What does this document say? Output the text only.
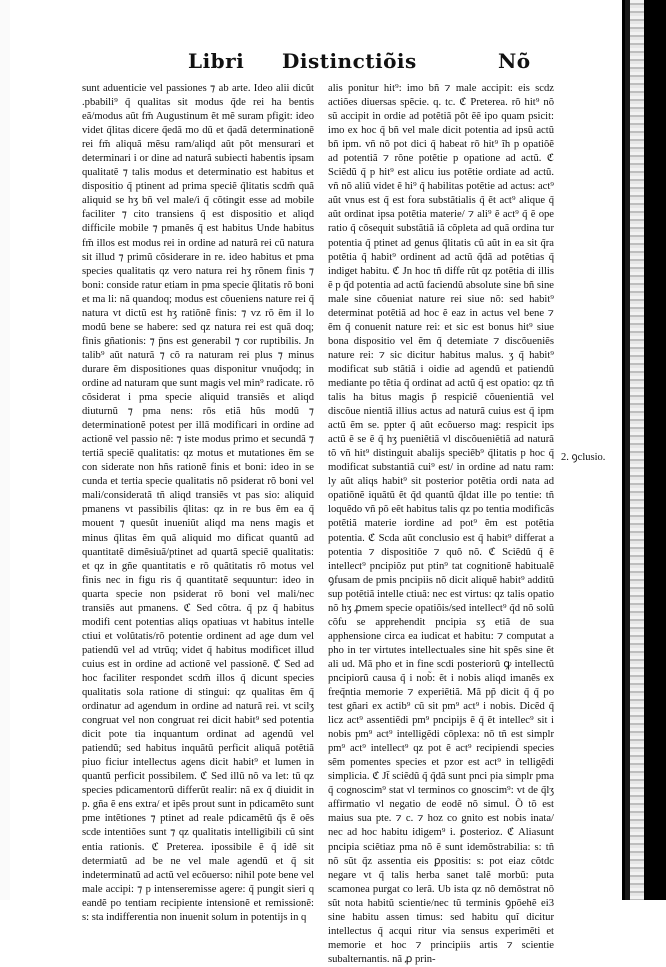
Libri Distinctiõis	Nõ

sunt aduenticie vel passiones ⁊ ab arte. Ideo alii dicũt .pbabili⁹ q̃ qualitas sit modus q̃de rei ha bentis eã/modus aũt fm̃ Augustinum ẽt mẽ suram pfigit: ideo videt q̃litas dicere q̃edã mo dũ et q̃adã determinationẽ rei fm̃ aliquã mẽsu ram/aliqd aũt põt mensurari et determinari i or dine ad naturã subiecti habentis ipsam qualitatẽ ⁊ talis modus et determinatio est habitus et dispositio q̃ ptinent ad prima speciẽ q̃litatis scdm̃ quã aliquid se hʒ bñ vel male/i q̃ cõtingit esse ad mobile faciliter ⁊ cito transiens q̃ est dispositio et aliqd difficile mobile ⁊ pmanẽs q̃ est habitus Unde habitus fm̃ illos est modus rei in ordine ad naturã rei cũ natura sit illud ⁊ primũ cõsiderare in re. ideo habitus et pma species qualitatis qz vero natura rei hʒ rõnem finis ⁊ boni: conside ratur etiam in pma specie q̃litatis rõ boni et ma li: nã quandoq; modus est cõueniens nature rei q̃ natura vt dictũ est hʒ ratiõnẽ finis: ⁊ vz rõ ẽm il lo modũ bene se habere: sed qz natura rei est quã doq; finis gñationis: ⁊ p̃ns est generabil ⁊ cor ruptibilis. Jn talib⁹ aũt naturã ⁊ cõ ra naturam rei plus ⁊ minus durare ẽm dispositiones quas disponitur vnuq̃odq; in ordine ad naturam que sunt magis vel min⁹ radicate. rõ cõsiderat i pma specie aliquid transiẽs et aliqd diuturnũ ⁊ pma nens: rõs etiã hũs modũ ⁊ determinationẽ potest per illã modificari in ordine ad actionẽ vel passio nẽ: ⁊ iste modus primo et secundã ⁊ tertiã speciẽ qualitatis: qz motus et mutationes ẽm se con siderate non hñs rationẽ finis et boni: ideo in se cunda et tertia specie qualitatis nõ psiderat rõ boni vel mali/consideratã tñ aliqd transiẽs vt pas sio: aliquid pmanens vt passibilis q̃litas: qz in re bus ẽm ea q̃ mouent ⁊ quesũt inueniũt aliqd ma nens magis et minus q̃litas ẽm quã aliquid mo dificat quantũ ad quantitatẽ dimẽsiuã/ptinet ad quartã speciẽ qualitatis: et qz in gñe quantitatis e rõ quãtitatis rõ motus vel finis nec in figu ris q̃ quantitatẽ sequuntur: ideo in quarta specie non psiderat rõ boni vel mali/nec transiẽs aut pmanens. ℭ Sed cõtra. q̃ pz q̃ habitus modifi cent potentias aliqs opatiuas vt habitus intelle ctiui et volũtatis/rõ potentie ordinent ad age dum vel patiendũ vel ad vtrũq; videt q̃ habitus modificet illud cuius est in ordine ad actionẽ vel passionẽ. ℭ Sed ad hoc faciliter respondet scdm̃ illos q̃ dicunt species qualitatis sola ratione di stingui: qz qualitas ẽm q̃ ordinatur ad agendum in ordine ad naturã rei. vt scilʒ congruat vel non congruat rei dicit habit⁹ sed potentia dicit pote tia inquantum ordinat ad agendũ vel patiendũ; sed habitus inquãtũ perficit aliquã potẽtiã piuo ficiur intellectus agens dicit habit⁹ et lumen in quantũ perficit possibilem. ℭ Sed illũ nõ va let: tũ qz species pdicamentorũ differũt realir: nã ex q̃ diuidit in p. gña ẽ ens extra/ et ipẽs prout sunt in pdicamẽto sunt pme intẽtiones ⁊ ptinet ad reale pdicamẽtũ q̃s ẽ oẽs scde intentiões sunt ⁊ qz qualitatis intelligibili cũ sint entia rationis. ℭ Preterea. ipossibile ẽ q̃ idẽ sit determiatũ ad be ne vel male agendũ et q̃ sit indeterminatũ ad actũ vel ecõuerso: nihil pote bene vel male accipi: ⁊ p intenseremisse agere: q̃ pungit sieri q eandẽ po tentiam recipiente intensionẽ et remissionẽ: s: sta indifferentia non inuenit solum in potentijs in q

alis ponitur hit⁹: imo bñ ⁊ male accipit: eis scdz actiões diuersas spẽcie. q. tc. ℭ Preterea. rõ hit⁹ nõ sũ accipit in ordie ad potẽtiã põt ẽẽ ipo quam psicit: imo ex hoc q̃ bñ vel male dicit potentia ad ipsũ actũ bñ ipm. vñ nõ pot dici q̃ habeat rõ hit⁹ ĩh p opatiõẽ ad potentiã ⁊ rõne potẽtie p opatione ad actũ. ℭ Sciẽdũ q̃ p hit⁹ est alicu ius potẽtie ordiate ad actũ. vñ nõ aliũ videt ẽ hi⁹ q̃ habilitas potẽtie ad actus: act⁹ aũt vnus est q̃ est fora substãtialis q̃ ẽt act⁹ alique q̃ aũt ordinat ipsa potẽtia materie/ ⁊ ali⁹ ẽ act⁹ q̃ ẽ ope ratio q̃ cõsequit substãtiã iã cõpleta ad quã ordina tur potentia q̃ ptinet ad genus q̃litatis cũ aũt in ea sit q̃ra potẽtia q̃ habit⁹ ordinent ad actũ q̃dã ad potẽtias q̃ indiget habitu. ℭ Jn hoc tñ diffe rũt qz potẽtia di illis ẽ p q̃d potentia ad actũ faciendũ absolute sine bñ sine male sine cõueniat nature rei siue nõ: sed habit⁹ determinat potẽtiã ad hoc ẽ eaz in actus vel bene ⁊ ẽm q̃ conuenit nature rei: et sic est bonus hit⁹ siue bona dispositio vel ẽm q̃ detemiate ⁊ discõueniẽs nature rei: ⁊ sic dicitur habitus malus. ʒ q̃ habit⁹ modificat sub stãtiã i oidie ad agendũ et patiendũ mediante po tẽtia q̃ ordinat ad actũ q̃ est opatio: qz tñ talis ha bitus magis p̃ respiciẽ cõuenientiã vel discõue nientiã illius actus ad naturã cuius est q̃ ipm actũ ẽm se. ppter q̃ aũt ecõuerso mag: respicit ips actũ ẽ se ẽ q̃ hʒ pueniẽtiã vl discõueniẽtiã ad naturã tõ vñ hit⁹ distinguit abalijs speciẽb⁹ q̃litatis p hoc q̃ modificat substantiã cui⁹ est/ in ordine ad natu ram: ly aũt aliqs habit⁹ sit posterior potẽtia ordi nata ad opatiõnẽ iquãtũ ẽt q̃d quantũ q̃ldat ille po tentie: tñ loquẽdo vñ põ eẽt habitus talis qz po tentia modificãs potẽtiã materie iordine ad pot⁹ ẽm est potẽtia potentia. ℭ Scda aũt conclusio est q̃ habit⁹ differat a potentia ⁊ dispositiõe ⁊ quõ nõ. ℭ Sciẽdũ q̃ ẽ intellect⁹ pncipiõz put ptin⁹ tat cognitionẽ habitualẽ ꝯfusam de pmis pncipiis nõ dicit aliquẽ habit⁹ additũ sup potẽtiã intelle ctiuã: nec est virtus: qz talis opatio nõ hʒ ꝓmem specie opatiõis/sed intellect⁹ q̃d nõ solũ cõfu se apprehendit pncipia sʒ etiã de sua apphensione circa ea iudicat et habitu: ⁊ computat a pho in ter virtutes intellectuales sine hit spẽs sine ẽt ali ud. Mã pho et in fine scdi posteriorũ ꝙ intellectũ pncipiorũ causa q̃ i nob̃: ẽt i nobis aliqd imanẽs ex freq̃ntia memorie ⁊ experiẽtiã. Mã pp̃ dicit q̃ q̃ po test gñari ex actib⁹ cũ sit pm⁹ act⁹ i nobis. Dicẽd q̃ licz act⁹ assentiẽdi pm⁹ pncipijs ẽ q̃ ẽt intellec⁹ sit i nobis pm⁹ act⁹ intelligẽdi cõplexa: nõ tñ est simplr pm⁹ act⁹ intellect⁹ qz pot ẽ act⁹ recipiendi species sẽm pomentes species et pzor est act⁹ in telligẽdi simplicia. ℭ Jt̃ sciẽdũ q̃ q̃dã sunt pnci pia simplr pma q̃ cognoscim⁹ stat vl terminos co gnoscim⁹: vt de q̃lʒ affirmatio vl negatio de eodẽ nõ simul. Õ tõ est maius sua pte. ⁊ c. ⁊ hoz co gnito est nobis inata/ nec ad hoc habitu idigem⁹ i. ꝑosterioz. ℭ Aliasunt pncipia sciẽtiaz pma nõ ẽ sunt idemõstrabilia: s: tñ nõ sũt q̃z assentia eis ꝑpositis: s: pot eiaz cõtdc negare vt q̃ talis herba sanet talẽ morbũ: puta scamonea purgat co lerã. Ub ista qz nõ demõstrat nõ sũt nota habitũ scientie/nec tũ terminis ꝯpõehẽ ei3 sine habitu assen timus: sed habitu quĩ dicitur intellectus q̃ acqui ritur via sensus experimẽti et memorie et hoc ⁊ principiis artis ⁊ scientie subalternantis. nã ꝓ prin-

2. ꝯclusio.
